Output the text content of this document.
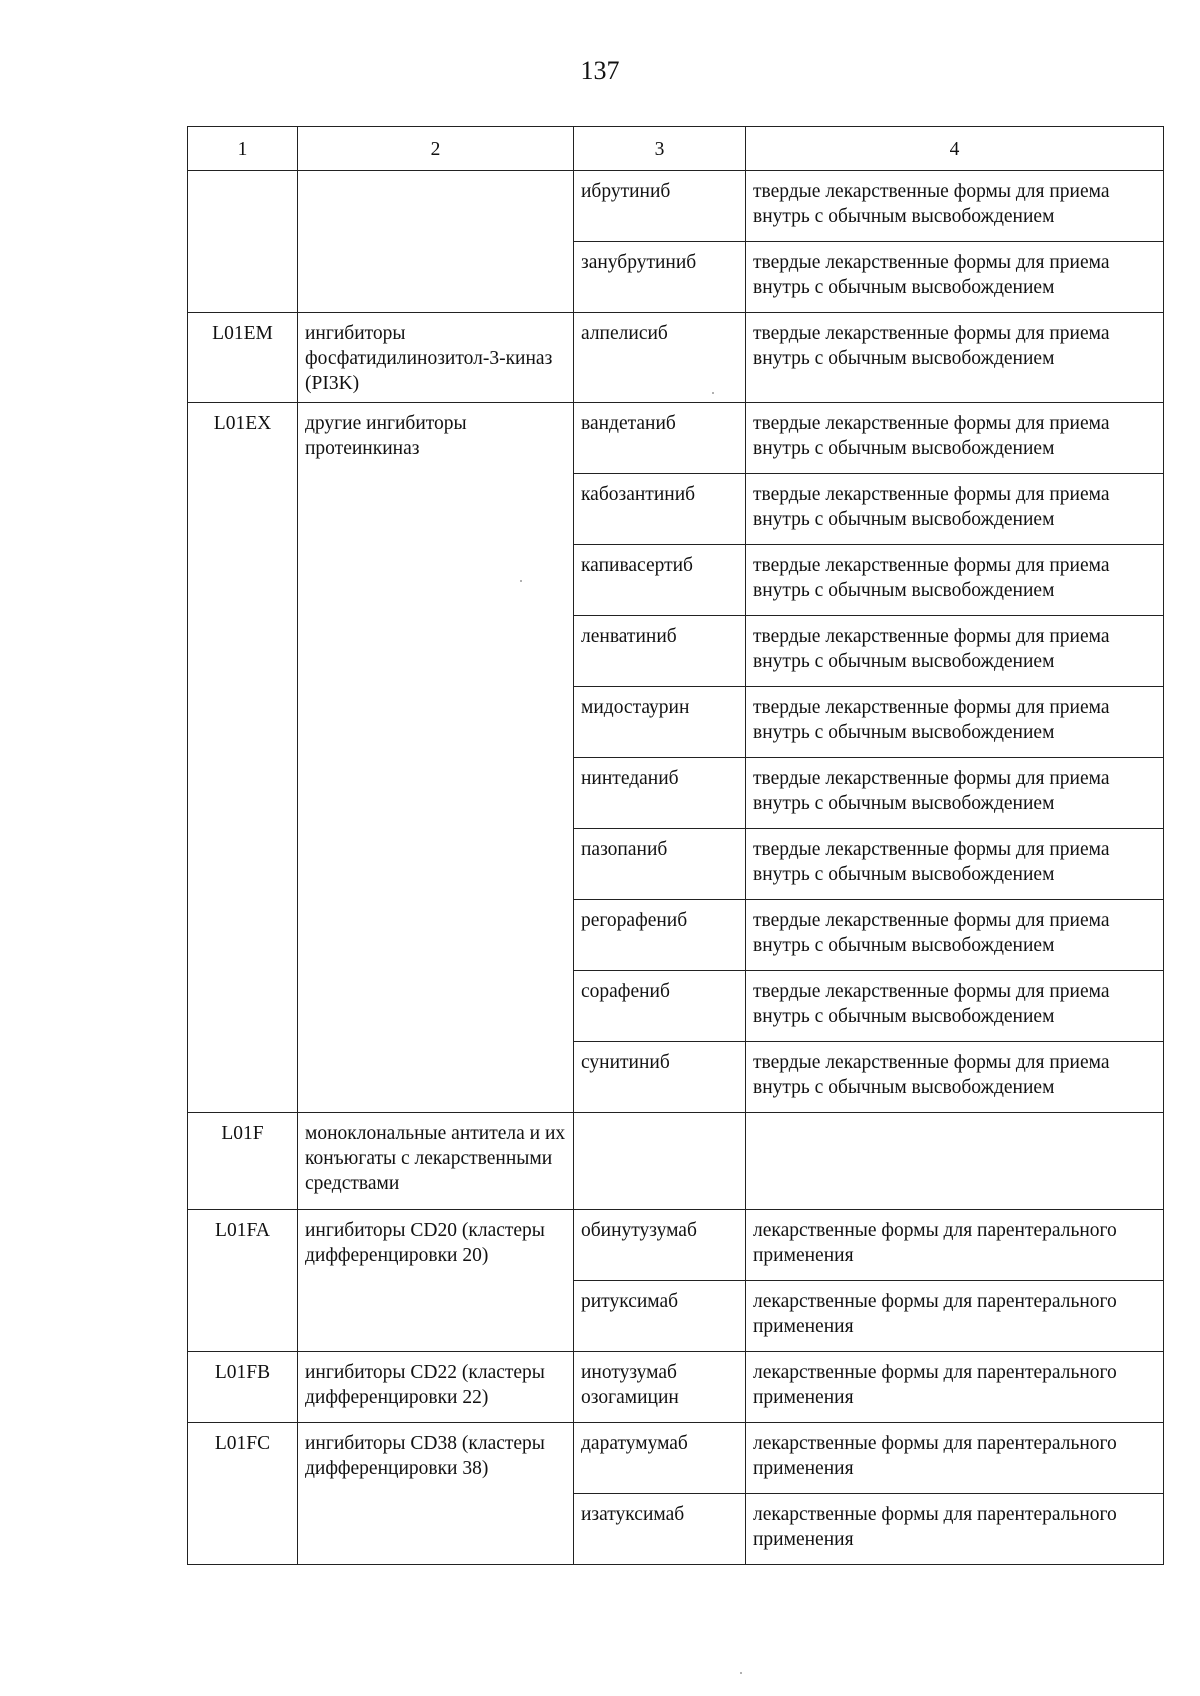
137
1	2	3	4
		ибрутиниб	твердые лекарственные формы для приема внутрь с обычным высвобождением
		занубрутиниб	твердые лекарственные формы для приема внутрь с обычным высвобождением
L01EM	ингибиторы фосфатидилинозитол-3-киназ (PI3K)	алпелисиб	твердые лекарственные формы для приема внутрь с обычным высвобождением
L01EX	другие ингибиторы протеинкиназ	вандетаниб	твердые лекарственные формы для приема внутрь с обычным высвобождением
		кабозантиниб	твердые лекарственные формы для приема внутрь с обычным высвобождением
		капивасертиб	твердые лекарственные формы для приема внутрь с обычным высвобождением
		ленватиниб	твердые лекарственные формы для приема внутрь с обычным высвобождением
		мидостаурин	твердые лекарственные формы для приема внутрь с обычным высвобождением
		нинтеданиб	твердые лекарственные формы для приема внутрь с обычным высвобождением
		пазопаниб	твердые лекарственные формы для приема внутрь с обычным высвобождением
		регорафениб	твердые лекарственные формы для приема внутрь с обычным высвобождением
		сорафениб	твердые лекарственные формы для приема внутрь с обычным высвобождением
		сунитиниб	твердые лекарственные формы для приема внутрь с обычным высвобождением
L01F	моноклональные антитела и их конъюгаты с лекарственными средствами		
L01FA	ингибиторы CD20 (кластеры дифференцировки 20)	обинутузумаб	лекарственные формы для парентерального применения
		ритуксимаб	лекарственные формы для парентерального применения
L01FB	ингибиторы CD22 (кластеры дифференцировки 22)	инотузумаб озогамицин	лекарственные формы для парентерального применения
L01FC	ингибиторы CD38 (кластеры дифференцировки 38)	даратумумаб	лекарственные формы для парентерального применения
		изатуксимаб	лекарственные формы для парентерального применения
